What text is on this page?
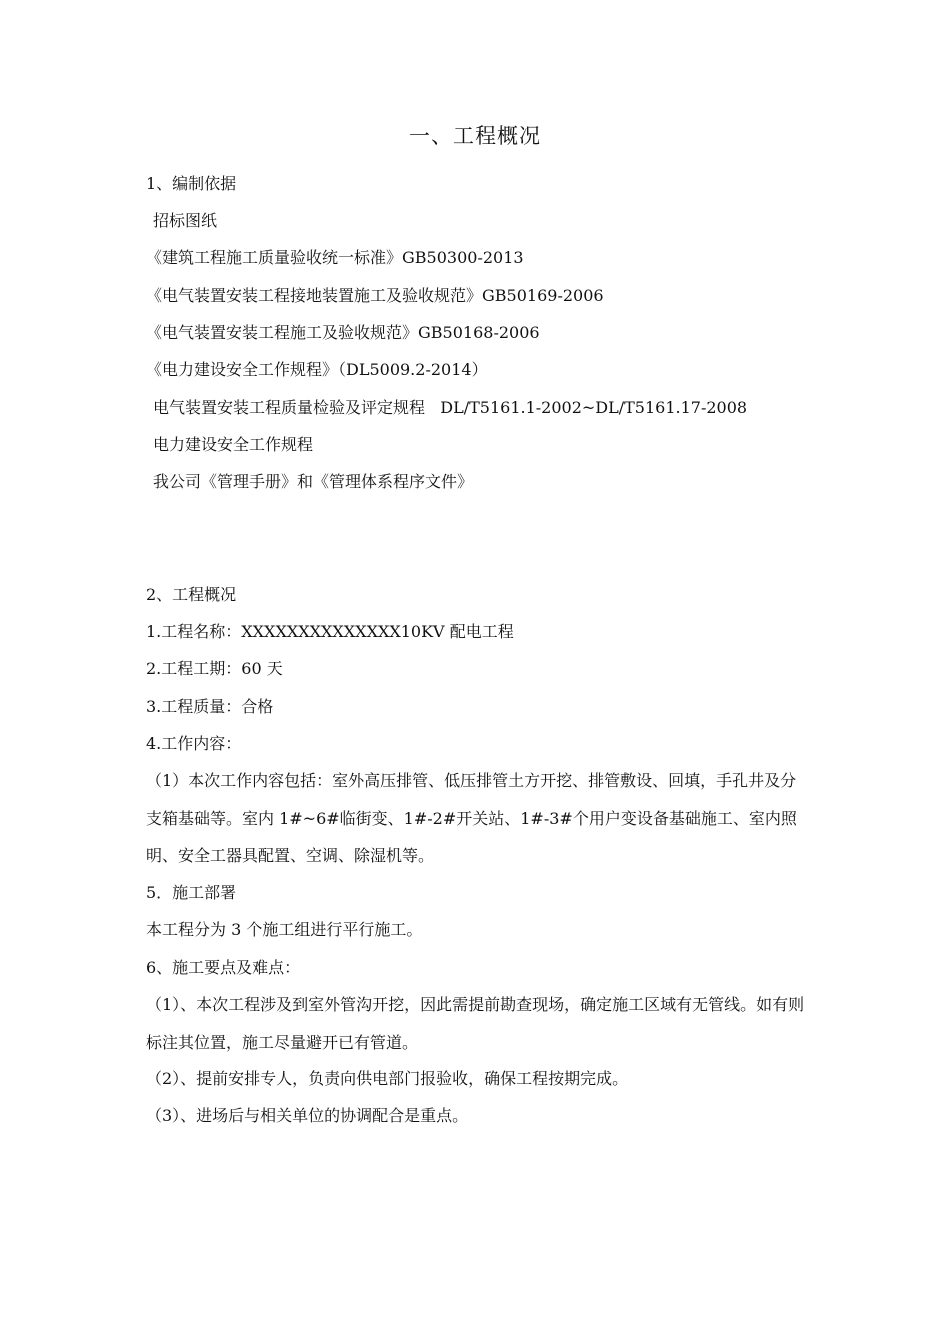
一、工程概况
1、编制依据
招标图纸
《建筑工程施工质量验收统一标准》GB50300-2013
《电气装置安装工程接地装置施工及验收规范》GB50169-2006
《电气装置安装工程施工及验收规范》GB50168-2006
《电力建设安全工作规程》（DL5009.2-2014）
电气装置安装工程质量检验及评定规程   DL/T5161.1-2002~DL/T5161.17-2008
电力建设安全工作规程
我公司《管理手册》和《管理体系程序文件》
2、工程概况
1.工程名称：XXXXXXXXXXXXXX10KV 配电工程
2.工程工期：60 天
3.工程质量：合格
4.工作内容：
（1）本次工作内容包括：室外高压排管、低压排管土方开挖、排管敷设、回填，手孔井及分支箱基础等。室内 1#~6#临街变、1#-2#开关站、1#-3#个用户变设备基础施工、室内照明、安全工器具配置、空调、除湿机等。
5．施工部署
本工程分为 3 个施工组进行平行施工。
6、施工要点及难点：
（1）、本次工程涉及到室外管沟开挖，因此需提前勘查现场，确定施工区域有无管线。如有则标注其位置，施工尽量避开已有管道。
（2）、提前安排专人，负责向供电部门报验收，确保工程按期完成。
（3）、进场后与相关单位的协调配合是重点。
